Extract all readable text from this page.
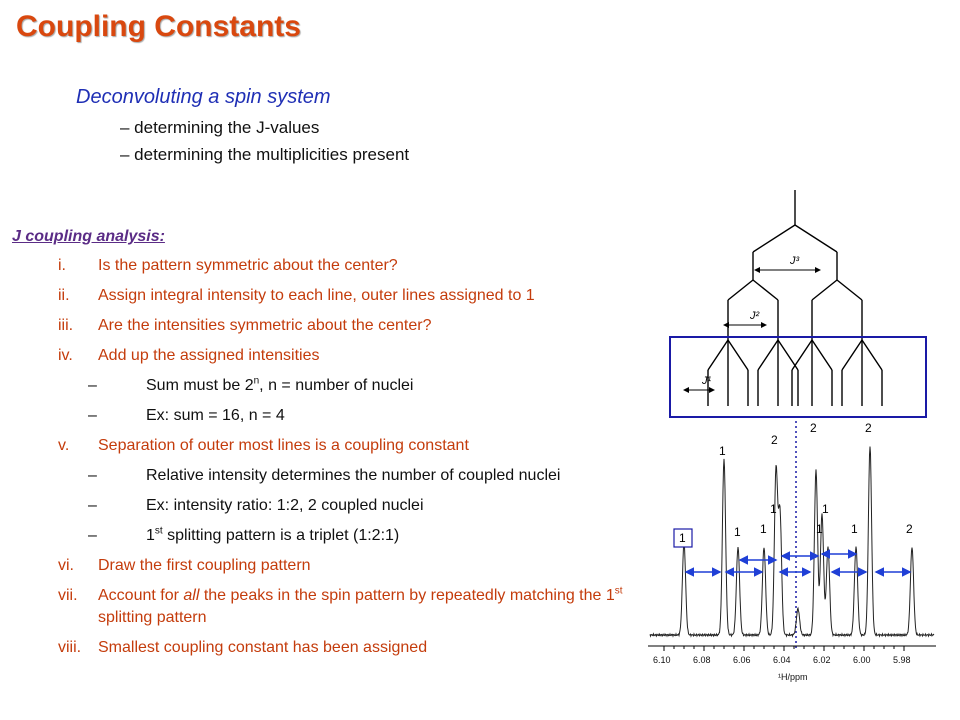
Coupling Constants
Deconvoluting a spin system
– determining the J-values
– determining the multiplicities present
J coupling analysis:
i.	Is the pattern symmetric about the center?
ii.	Assign integral intensity to each line, outer lines assigned to 1
iii.	Are the intensities symmetric about the center?
iv.	Add up the assigned intensities
–	Sum must be 2$^n$, n = number of nuclei
–	Ex: sum = 16, n = 4
v.	Separation of outer most lines is a coupling constant
–	Relative intensity determines the number of coupled nuclei
–	Ex: intensity ratio: 1:2, 2 coupled nuclei
–	1st splitting pattern is a triplet (1:2:1)
vi.	Draw the first coupling pattern
vii.	Account for all the peaks in the spin pattern by repeatedly matching the 1st splitting pattern
viii.	Smallest coupling constant has been assigned
J³
J²
J¹
1
1 1
2
1
2
1
1
2
1	2
1
6.10 6.08 6.06 6.04 6.02 6.00 5.98
¹H/ppm
